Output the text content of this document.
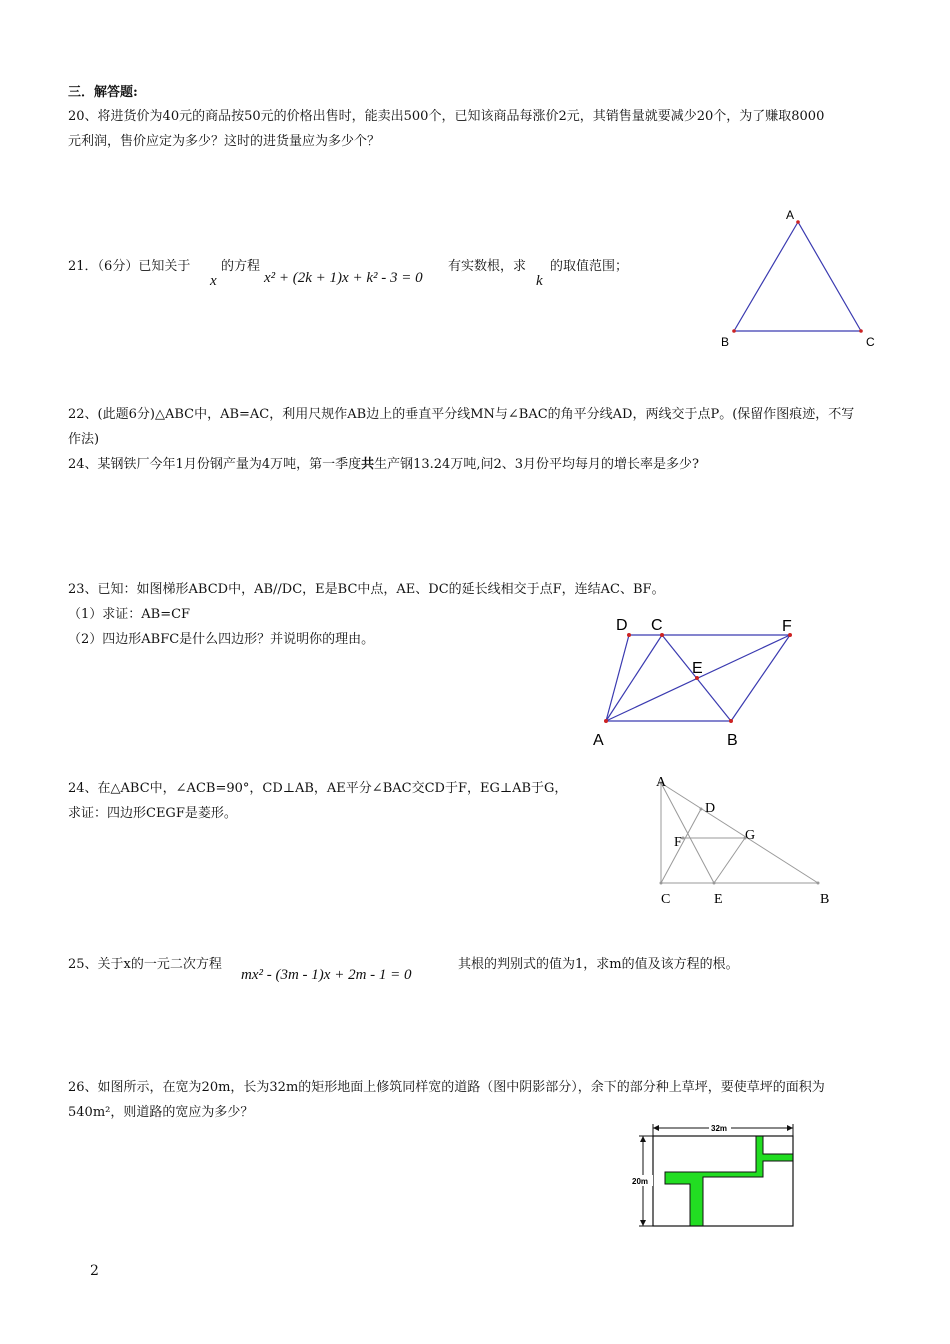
三．解答题:
20、将进货价为40元的商品按50元的价格出售时，能卖出500个，已知该商品每涨价2元，其销售量就要减少20个，为了赚取8000
元利润，售价应定为多少？这时的进货量应为多少个？
21．（6分）已知关于
x
的方程
x² + (2k + 1)x + k² - 3 = 0
有实数根，求
k
的取值范围；
A
B	C
22、(此题6分)△ABC中，AB=AC，利用尺规作AB边上的垂直平分线MN与∠BAC的角平分线AD，两线交于点P。(保留作图痕迹，不写
作法)
24、某钢铁厂今年1月份钢产量为4万吨，第一季度共生产钢13.24万吨,问2、3月份平均每月的增长率是多少?
23、已知：如图梯形ABCD中，AB//DC，E是BC中点，AE、DC的延长线相交于点F，连结AC、BF。
（1）求证：AB=CF
（2）四边形ABFC是什么四边形？并说明你的理由。
D C	F
E
A	B
24、在△ABC中，∠ACB=90°，CD⊥AB，AE平分∠BAC交CD于F，EG⊥AB于G，
求证：四边形CEGF是菱形。
A
D
F	G
C	E	B
25、关于x的一元二次方程
mx² - (3m - 1)x + 2m - 1 = 0
其根的判别式的值为1，求m的值及该方程的根。
26、如图所示，在宽为20m，长为32m的矩形地面上修筑同样宽的道路（图中阴影部分），余下的部分种上草坪，要使草坪的面积为
540m²，则道路的宽应为多少？
32m
20m
2
